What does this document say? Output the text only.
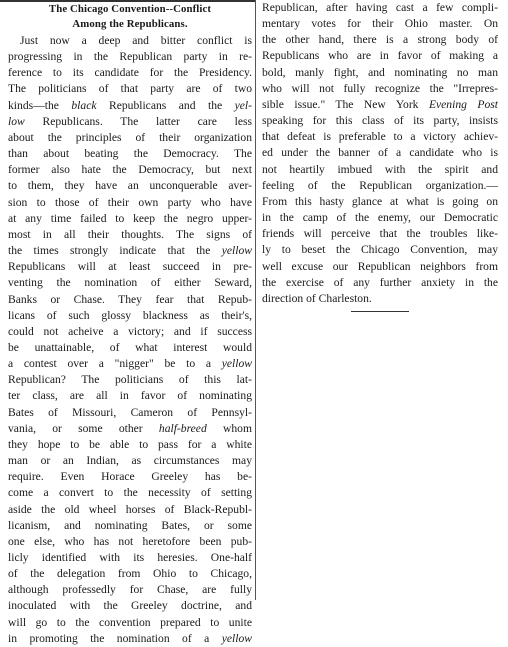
The Chicago Convention--Conflict
Among the Republicans.
Just now a deep and bitter conflict is
progressing in the Republican party in re-
ference to its candidate for the Presidency.
The politicians of that party are of two
kinds—the black Republicans and the yel-
low Republicans. The latter care less
about the principles of their organization
than about beating the Democracy. The
former also hate the Democracy, but next
to them, they have an unconquerable aver-
sion to those of their own party who have
at any time failed to keep the negro upper-
most in all their thoughts. The signs of
the times strongly indicate that the yellow
Republicans will at least succeed in pre-
venting the nomination of either Seward,
Banks or Chase. They fear that Repub-
licans of such glossy blackness as their's,
could not acheive a victory; and if success
be unattainable, of what interest would
a contest over a "nigger" be to a yellow
Republican? The politicians of this lat-
ter class, are all in favor of nominating
Bates of Missouri, Cameron of Pennsyl-
vania, or some other half-breed whom
they hope to be able to pass for a white
man or an Indian, as circumstances may
require. Even Horace Greeley has be-
come a convert to the necessity of setting
aside the old wheel horses of Black-Republ-
licanism, and nominating Bates, or some
one else, who has not heretofore been pub-
licly identified with its heresies. One-half
of the delegation from Ohio to Chicago,
although professedly for Chase, are fully
inoculated with the Greeley doctrine, and
will go to the convention prepared to unite
in promoting the nomination of a yellow
Republican, after having cast a few compli-
mentary votes for their Ohio master. On
the other hand, there is a strong body of
Republicans who are in favor of making a
bold, manly fight, and nominating no man
who will not fully recognize the "Irrepres-
sible issue." The New York Evening Post
speaking for this class of its party, insists
that defeat is preferable to a victory achiev-
ed under the banner of a candidate who is
not heartily imbued with the spirit and
feeling of the Republican organization.—
From this hasty glance at what is going on
in the camp of the enemy, our Democratic
friends will perceive that the troubles like-
ly to beset the Chicago Convention, may
well excuse our Republican neighbors from
the exercise of any further anxiety in the
direction of Charleston.
